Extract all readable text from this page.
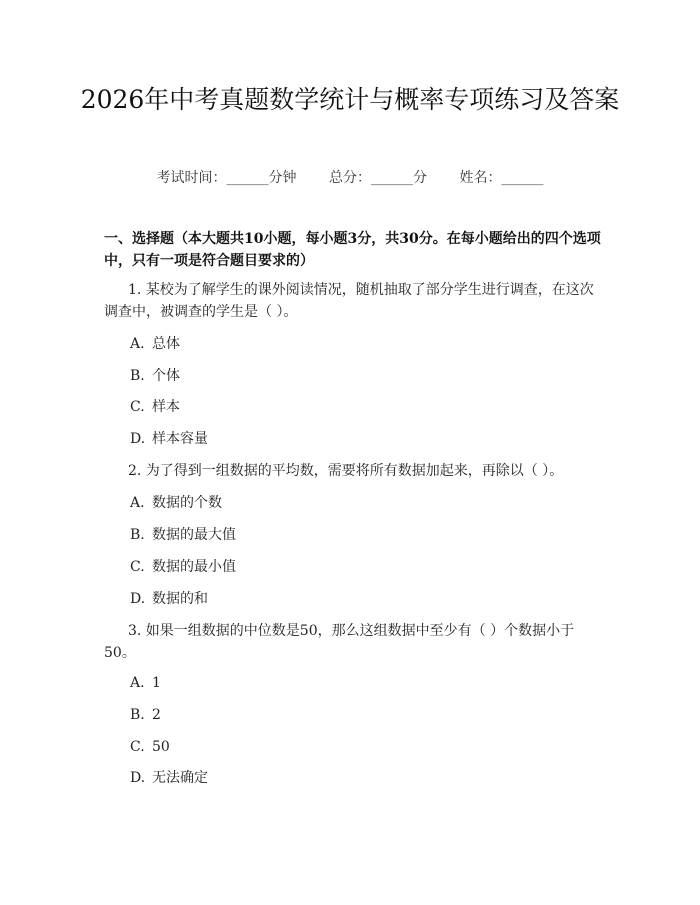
2026年中考真题数学统计与概率专项练习及答案
考试时间：______分钟 总分：______分 姓名：______

一、选择题（本大题共10小题，每小题3分，共30分。在每小题给出的四个选项中，只有一项是符合题目要求的）

1. 某校为了解学生的课外阅读情况，随机抽取了部分学生进行调查，在这次调查中，被调查的学生是（ ）。

A. 总体
B. 个体
C. 样本
D. 样本容量

2. 为了得到一组数据的平均数，需要将所有数据加起来，再除以（ ）。

A. 数据的个数
B. 数据的最大值
C. 数据的最小值
D. 数据的和

3. 如果一组数据的中位数是50，那么这组数据中至少有（ ）个数据小于50。

A. 1
B. 2
C. 50
D. 无法确定
